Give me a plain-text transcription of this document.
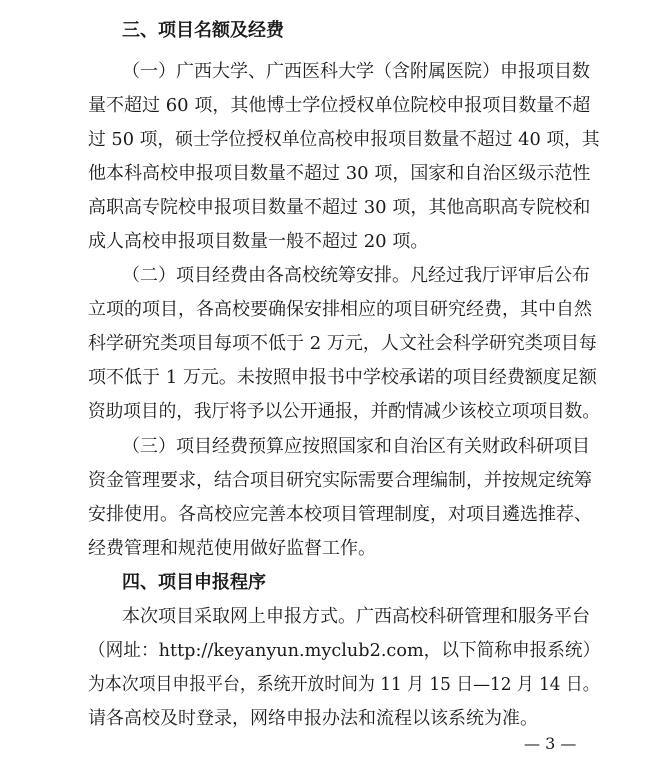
三、项目名额及经费
（一）广西大学、广西医科大学（含附属医院）申报项目数
量不超过 60 项，其他博士学位授权单位院校申报项目数量不超
过 50 项，硕士学位授权单位高校申报项目数量不超过 40 项，其
他本科高校申报项目数量不超过 30 项，国家和自治区级示范性
高职高专院校申报项目数量不超过 30 项，其他高职高专院校和
成人高校申报项目数量一般不超过 20 项。
（二）项目经费由各高校统筹安排。凡经过我厅评审后公布
立项的项目，各高校要确保安排相应的项目研究经费，其中自然
科学研究类项目每项不低于 2 万元，人文社会科学研究类项目每
项不低于 1 万元。未按照申报书中学校承诺的项目经费额度足额
资助项目的，我厅将予以公开通报，并酌情减少该校立项项目数。
（三）项目经费预算应按照国家和自治区有关财政科研项目
资金管理要求，结合项目研究实际需要合理编制，并按规定统筹
安排使用。各高校应完善本校项目管理制度，对项目遴选推荐、
经费管理和规范使用做好监督工作。
四、项目申报程序
本次项目采取网上申报方式。广西高校科研管理和服务平台
（网址：http://keyanyun.myclub2.com，以下简称申报系统）
为本次项目申报平台，系统开放时间为 11 月 15 日—12 月 14 日。
请各高校及时登录，网络申报办法和流程以该系统为准。
— 3 —
